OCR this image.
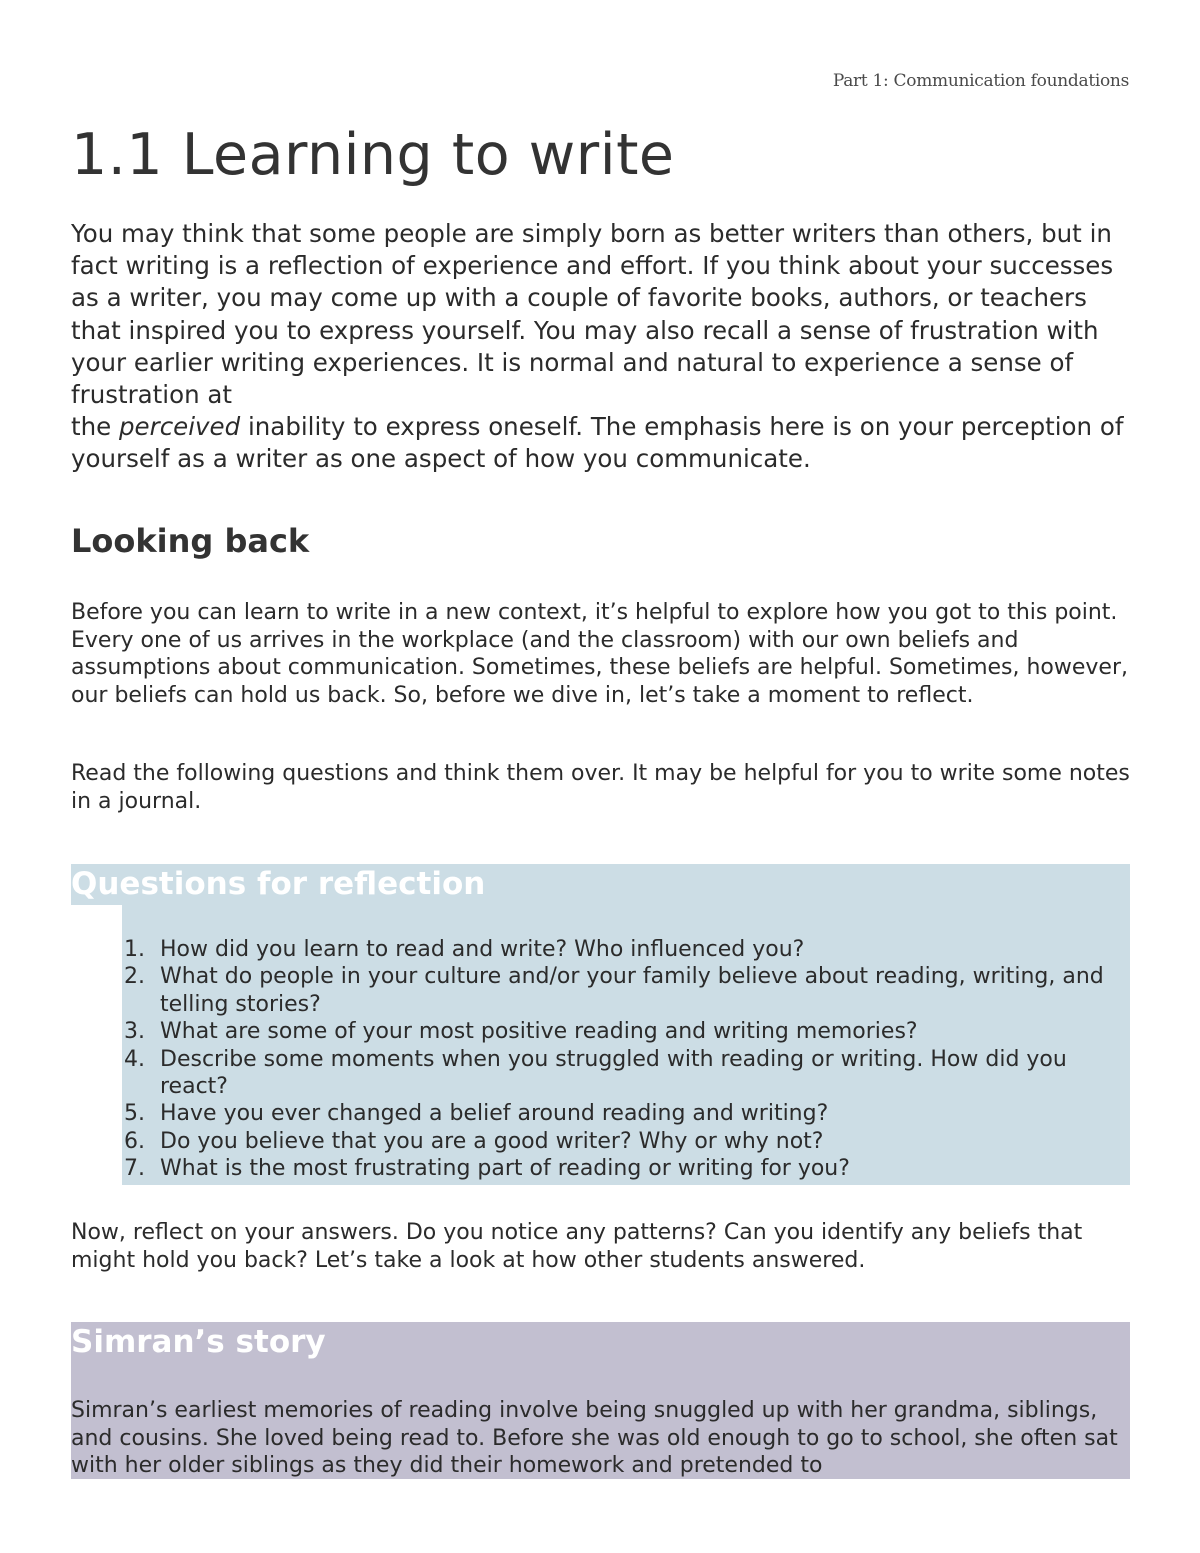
Part 1: Communication foundations
1.1 Learning to write

You may think that some people are simply born as better writers than others, but in fact writing is a reflection of experience and effort. If you think about your successes as a writer, you may come up with a couple of favorite books, authors, or teachers that inspired you to express yourself. You may also recall a sense of frustration with your earlier writing experiences. It is normal and natural to experience a sense of frustration at
the perceived inability to express oneself. The emphasis here is on your perception of yourself as a writer as one aspect of how you communicate.

Looking back

Before you can learn to write in a new context, it’s helpful to explore how you got to this point. Every one of us arrives in the workplace (and the classroom) with our own beliefs and assumptions about communication. Sometimes, these beliefs are helpful. Sometimes, however, our beliefs can hold us back. So, before we dive in, let’s take a moment to reflect.

Read the following questions and think them over. It may be helpful for you to write some notes in a journal.

Questions for reflection
1. How did you learn to read and write? Who influenced you?
2. What do people in your culture and/or your family believe about reading, writing, and telling stories?
3. What are some of your most positive reading and writing memories?
4. Describe some moments when you struggled with reading or writing. How did you react?
5. Have you ever changed a belief around reading and writing?
6. Do you believe that you are a good writer? Why or why not?
7. What is the most frustrating part of reading or writing for you?

Now, reflect on your answers. Do you notice any patterns? Can you identify any beliefs that might hold you back? Let’s take a look at how other students answered.

Simran’s story

Simran’s earliest memories of reading involve being snuggled up with her grandma, siblings, and cousins. She loved being read to. Before she was old enough to go to school, she often sat with her older siblings as they did their homework and pretended to
